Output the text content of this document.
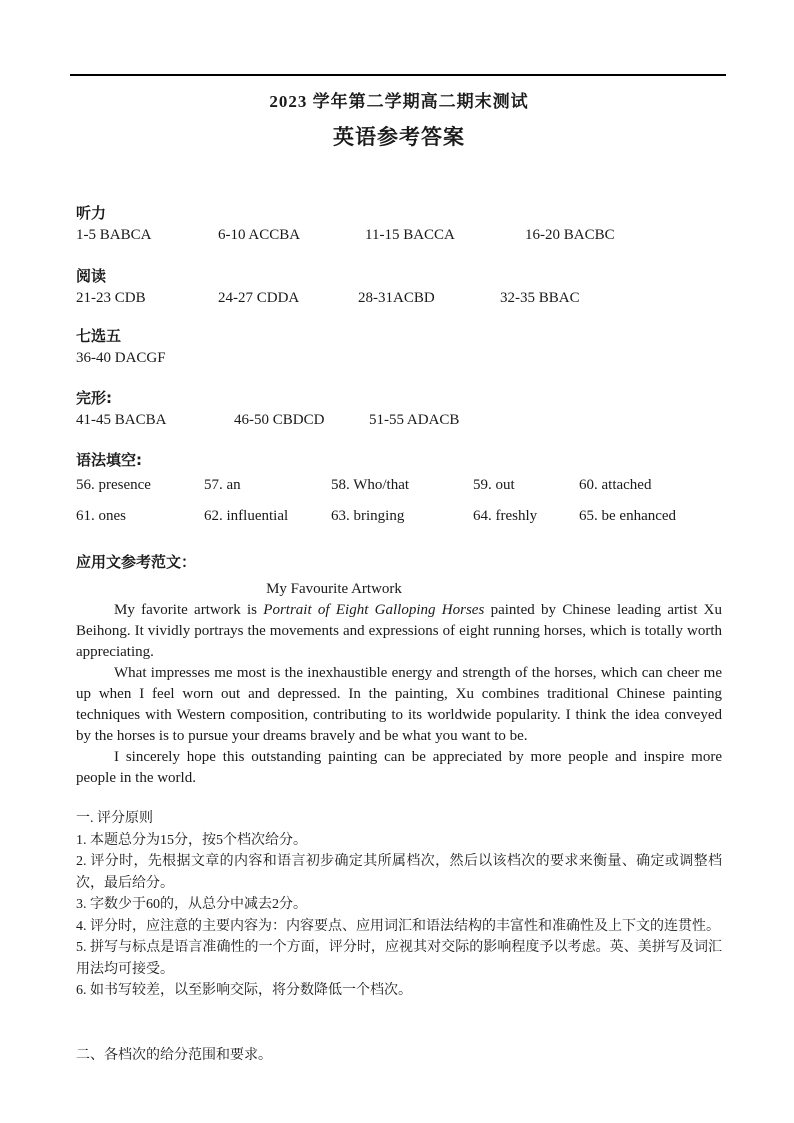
2023 学年第二学期高二期末测试
英语参考答案
听力
1-5 BABCA	6-10 ACCBA	11-15 BACCA	16-20 BACBC
阅读
21-23 CDB	24-27 CDDA	28-31ACBD	32-35 BBAC
七选五
36-40 DACGF
完形:
41-45 BACBA	46-50 CBDCD	51-55 ADACB
语法填空:
56. presence	57. an	58. Who/that	59. out	60. attached
61. ones	62. influential	63. bringing	64. freshly	65. be enhanced
应用文参考范文：
My Favourite Artwork

My favorite artwork is Portrait of Eight Galloping Horses painted by Chinese leading artist Xu Beihong. It vividly portrays the movements and expressions of eight running horses, which is totally worth appreciating.

What impresses me most is the inexhaustible energy and strength of the horses, which can cheer me up when I feel worn out and depressed. In the painting, Xu combines traditional Chinese painting techniques with Western composition, contributing to its worldwide popularity. I think the idea conveyed by the horses is to pursue your dreams bravely and be what you want to be.

I sincerely hope this outstanding painting can be appreciated by more people and inspire more people in the world.

一. 评分原则
1. 本题总分为15分，按5个档次给分。
2. 评分时，先根据文章的内容和语言初步确定其所属档次，然后以该档次的要求来衡量、确定或调整档次，最后给分。
3. 字数少于60的，从总分中减去2分。
4. 评分时，应注意的主要内容为：内容要点、应用词汇和语法结构的丰富性和准确性及上下文的连贯性。
5. 拼写与标点是语言准确性的一个方面，评分时，应视其对交际的影响程度予以考虑。英、美拼写及词汇用法均可接受。
6. 如书写较差，以至影响交际，将分数降低一个档次。
二、各档次的给分范围和要求。
